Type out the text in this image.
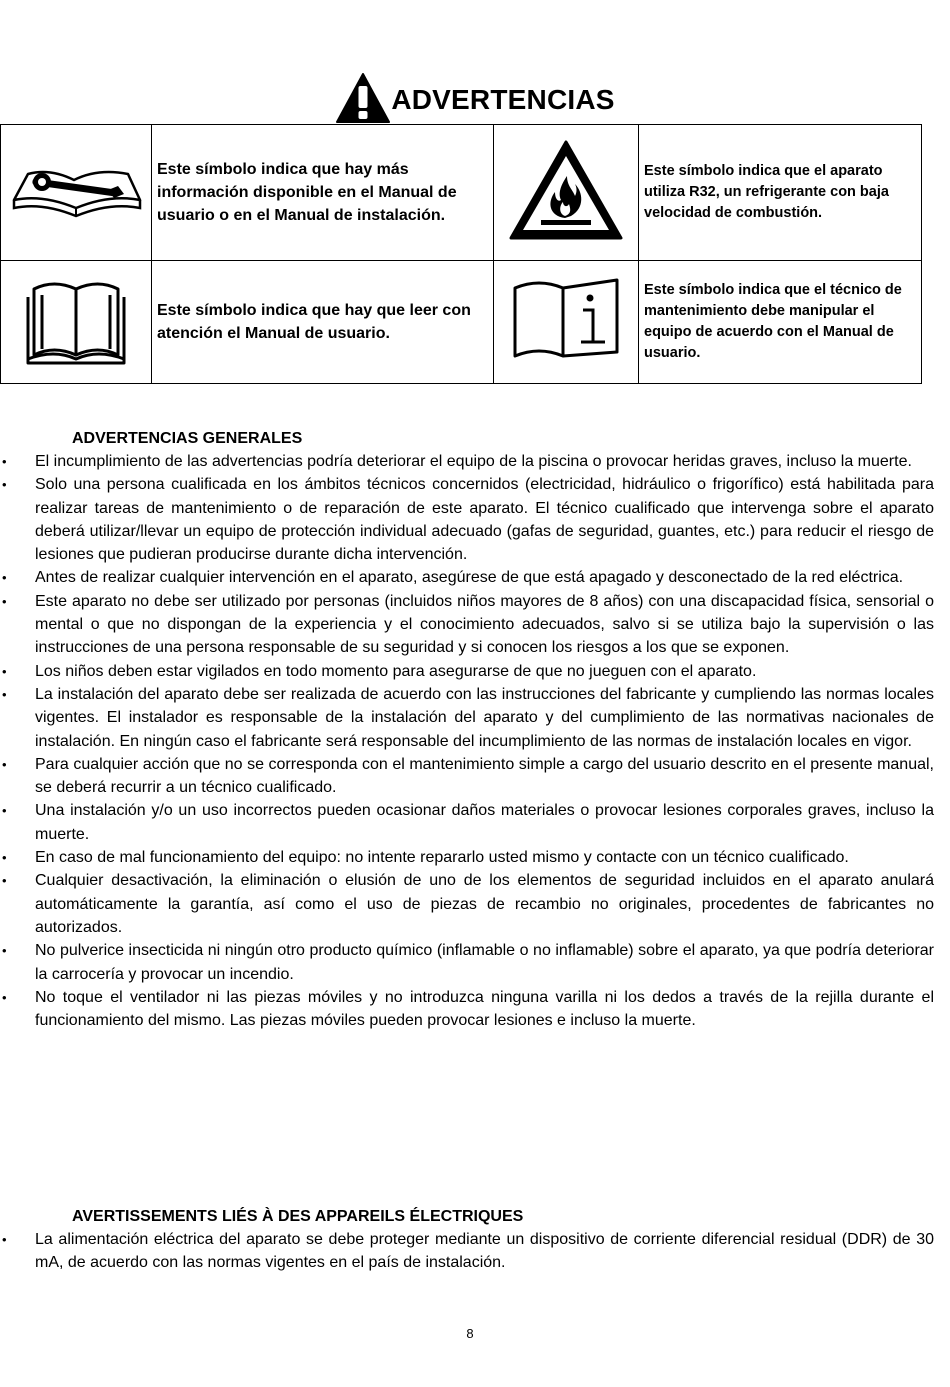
ADVERTENCIAS
	Este símbolo indica que hay más información disponible en el Manual de usuario o en el Manual de instalación.		Este símbolo indica que el aparato utiliza R32, un refrigerante con baja velocidad de combustión.
	Este símbolo indica que hay que leer con atención el Manual de usuario.		Este símbolo indica que el técnico de mantenimiento debe manipular el equipo de acuerdo con el Manual de usuario.
ADVERTENCIAS GENERALES
• El incumplimiento de las advertencias podría deteriorar el equipo de la piscina o provocar heridas graves, incluso la muerte.
• Solo una persona cualificada en los ámbitos técnicos concernidos (electricidad, hidráulico o frigorífico) está habilitada para realizar tareas de mantenimiento o de reparación de este aparato. El técnico cualificado que intervenga sobre el aparato deberá utilizar/llevar un equipo de protección individual adecuado (gafas de seguridad, guantes, etc.) para reducir el riesgo de lesiones que pudieran producirse durante dicha intervención.
• Antes de realizar cualquier intervención en el aparato, asegúrese de que está apagado y desconectado de la red eléctrica.
• Este aparato no debe ser utilizado por personas (incluidos niños mayores de 8 años) con una discapacidad física, sensorial o mental o que no dispongan de la experiencia y el conocimiento adecuados, salvo si se utiliza bajo la supervisión o las instrucciones de una persona responsable de su seguridad y si conocen los riesgos a los que se exponen.
• Los niños deben estar vigilados en todo momento para asegurarse de que no jueguen con el aparato.
• La instalación del aparato debe ser realizada de acuerdo con las instrucciones del fabricante y cumpliendo las normas locales vigentes. El instalador es responsable de la instalación del aparato y del cumplimiento de las normativas nacionales de instalación. En ningún caso el fabricante será responsable del incumplimiento de las normas de instalación locales en vigor.
• Para cualquier acción que no se corresponda con el mantenimiento simple a cargo del usuario descrito en el presente manual, se deberá recurrir a un técnico cualificado.
• Una instalación y/o un uso incorrectos pueden ocasionar daños materiales o provocar lesiones corporales graves, incluso la muerte.
• En caso de mal funcionamiento del equipo: no intente repararlo usted mismo y contacte con un técnico cualificado.
• Cualquier desactivación, la eliminación o elusión de uno de los elementos de seguridad incluidos en el aparato anulará automáticamente la garantía, así como el uso de piezas de recambio no originales, procedentes de fabricantes no autorizados.
• No pulverice insecticida ni ningún otro producto químico (inflamable o no inflamable) sobre el aparato, ya que podría deteriorar la carrocería y provocar un incendio.
• No toque el ventilador ni las piezas móviles y no introduzca ninguna varilla ni los dedos a través de la rejilla durante el funcionamiento del mismo. Las piezas móviles pueden provocar lesiones e incluso la muerte.
AVERTISSEMENTS LIÉS À DES APPAREILS ÉLECTRIQUES
• La alimentación eléctrica del aparato se debe proteger mediante un dispositivo de corriente diferencial residual (DDR) de 30 mA, de acuerdo con las normas vigentes en el país de instalación.
8
